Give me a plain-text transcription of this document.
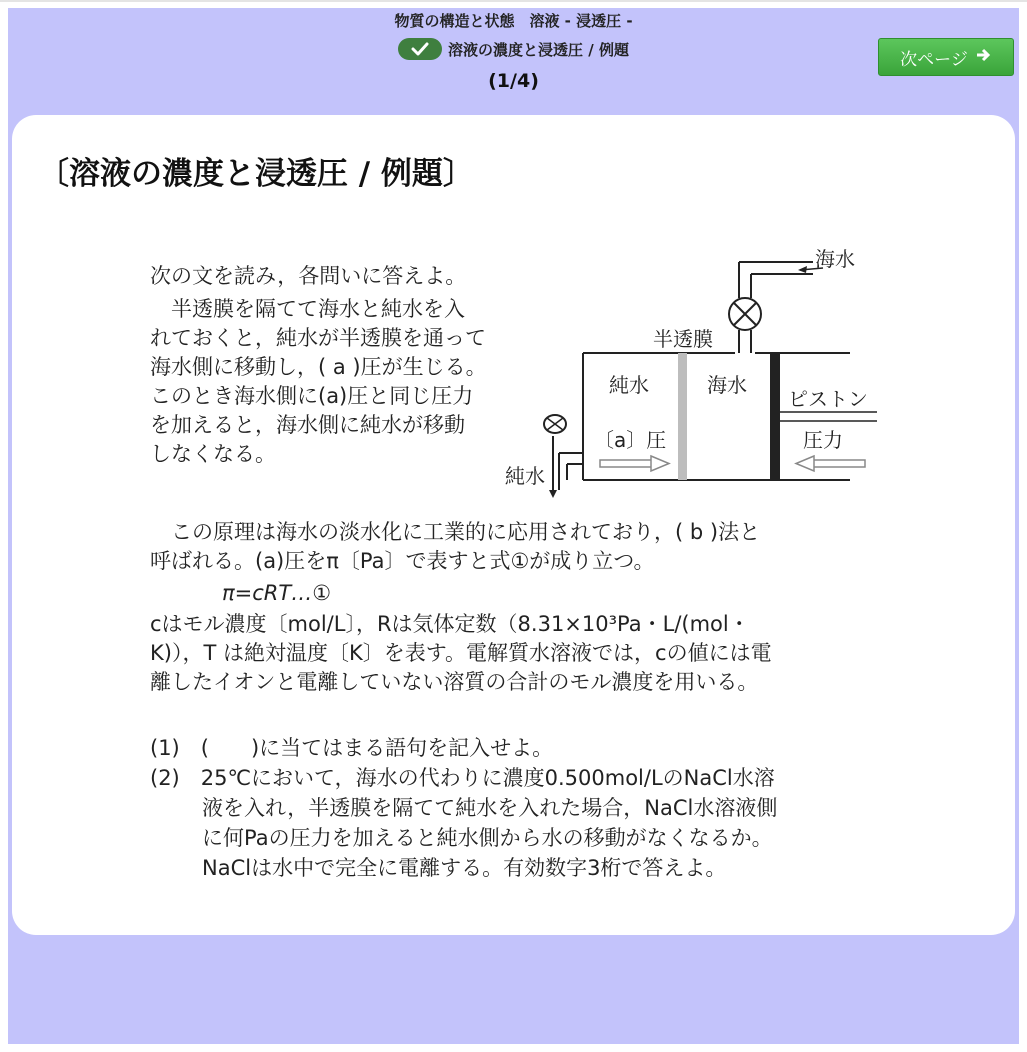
物質の構造と状態　溶液 - 浸透圧 -
溶液の濃度と浸透圧 / 例題
(1/4)
次ページ
〔溶液の濃度と浸透圧 / 例題〕
次の文を読み，各問いに答えよ。
　半透膜を隔てて海水と純水を入
れておくと，純水が半透膜を通って
海水側に移動し，( a )圧が生じる。
このとき海水側に(a)圧と同じ圧力
を加えると，海水側に純水が移動
しなくなる。
海水
半透膜
純水	海水
ピストン
〔a〕圧	圧力
純水
　この原理は海水の淡水化に工業的に応用されており，( b )法と
呼ばれる。(a)圧をπ〔Pa〕で表すと式①が成り立つ。
π=cRT…①
cはモル濃度〔mol/L〕，Rは気体定数（8.31×10³Pa・L/(mol・
K)），T は絶対温度〔K〕を表す。電解質水溶液では，cの値には電
離したイオンと電離していない溶質の合計のモル濃度を用いる。
(1)　(　　)に当てはまる語句を記入せよ。
(2)　25℃において，海水の代わりに濃度0.500mol/LのNaCl水溶
液を入れ，半透膜を隔てて純水を入れた場合，NaCl水溶液側
に何Paの圧力を加えると純水側から水の移動がなくなるか。
NaClは水中で完全に電離する。有効数字3桁で答えよ。
